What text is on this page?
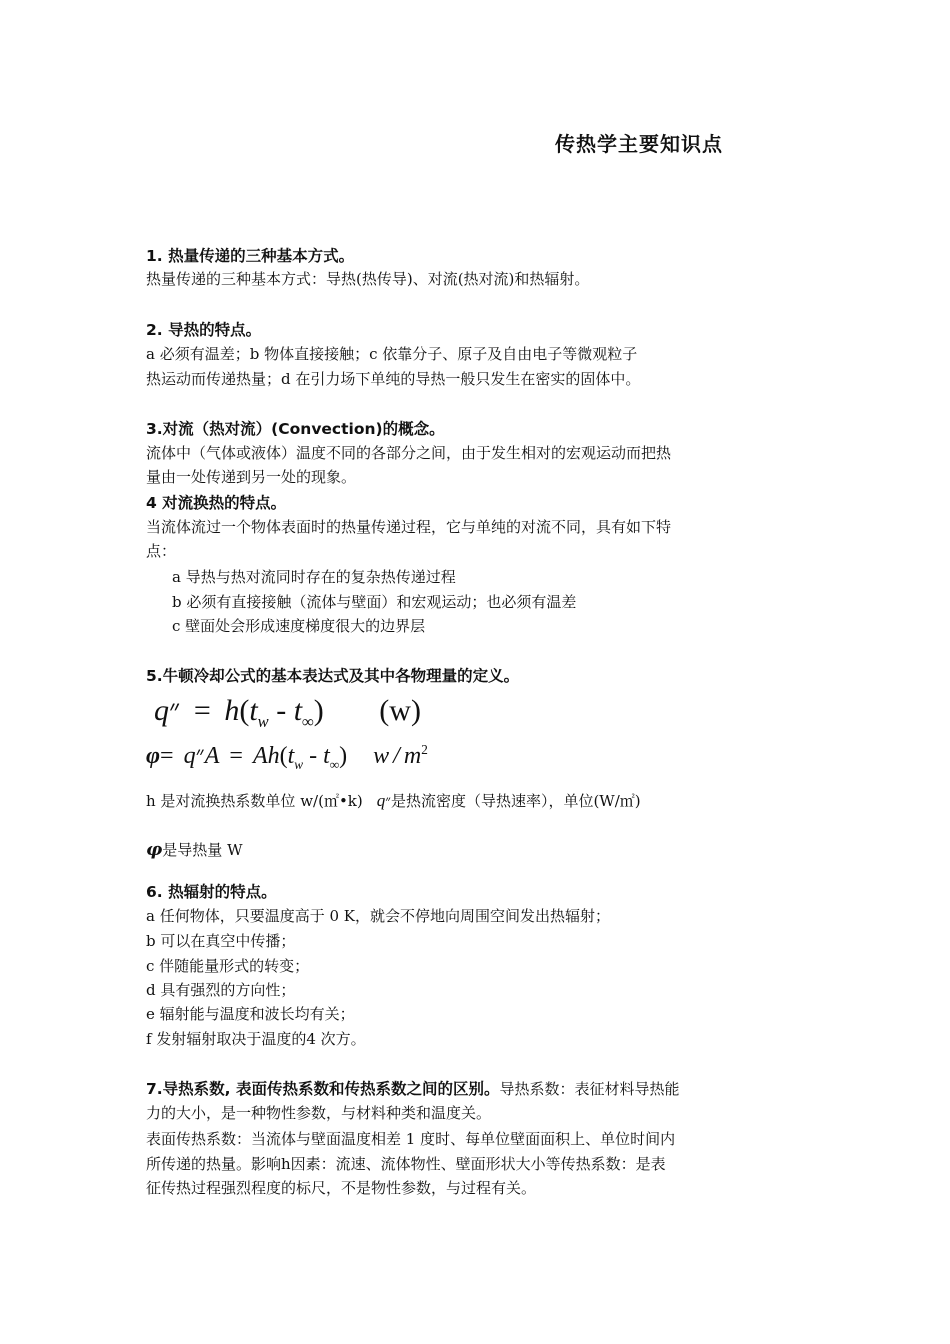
传热学主要知识点
1. 热量传递的三种基本方式。
热量传递的三种基本方式：导热(热传导)、对流(热对流)和热辐射。
2. 导热的特点。
a 必须有温差；b 物体直接接触；c 依靠分子、原子及自由电子等微观粒子
热运动而传递热量；d 在引力场下单纯的导热一般只发生在密实的固体中。
3.对流（热对流）(Convection)的概念。
流体中（气体或液体）温度不同的各部分之间，由于发生相对的宏观运动而把热
量由一处传递到另一处的现象。
4 对流换热的特点。
当流体流过一个物体表面时的热量传递过程，它与单纯的对流不同，具有如下特
点：
a 导热与热对流同时存在的复杂热传递过程
b 必须有直接接触（流体与壁面）和宏观运动；也必须有温差
c 壁面处会形成速度梯度很大的边界层
5.牛顿冷却公式的基本表达式及其中各物理量的定义。
q״ = $h(t_w - t_\infty)$ (w)
φ= q״A = $Ah(t_w - t_\infty)$ w / $m^2$
h 是对流换热系数单位 w/(㎡•k) q״是热流密度（导热速率），单位(W/㎡)
φ是导热量 W
6. 热辐射的特点。
a 任何物体，只要温度高于 0 K，就会不停地向周围空间发出热辐射；
b 可以在真空中传播；
c 伴随能量形式的转变；
d 具有强烈的方向性；
e 辐射能与温度和波长均有关；
f 发射辐射取决于温度的4 次方。
7.导热系数, 表面传热系数和传热系数之间的区别。导热系数：表征材料导热能
力的大小，是一种物性参数，与材料种类和温度关。
表面传热系数：当流体与壁面温度相差 1 度时、每单位壁面面积上、单位时间内
所传递的热量。影响h因素：流速、流体物性、壁面形状大小等传热系数：是表
征传热过程强烈程度的标尺，不是物性参数，与过程有关。
